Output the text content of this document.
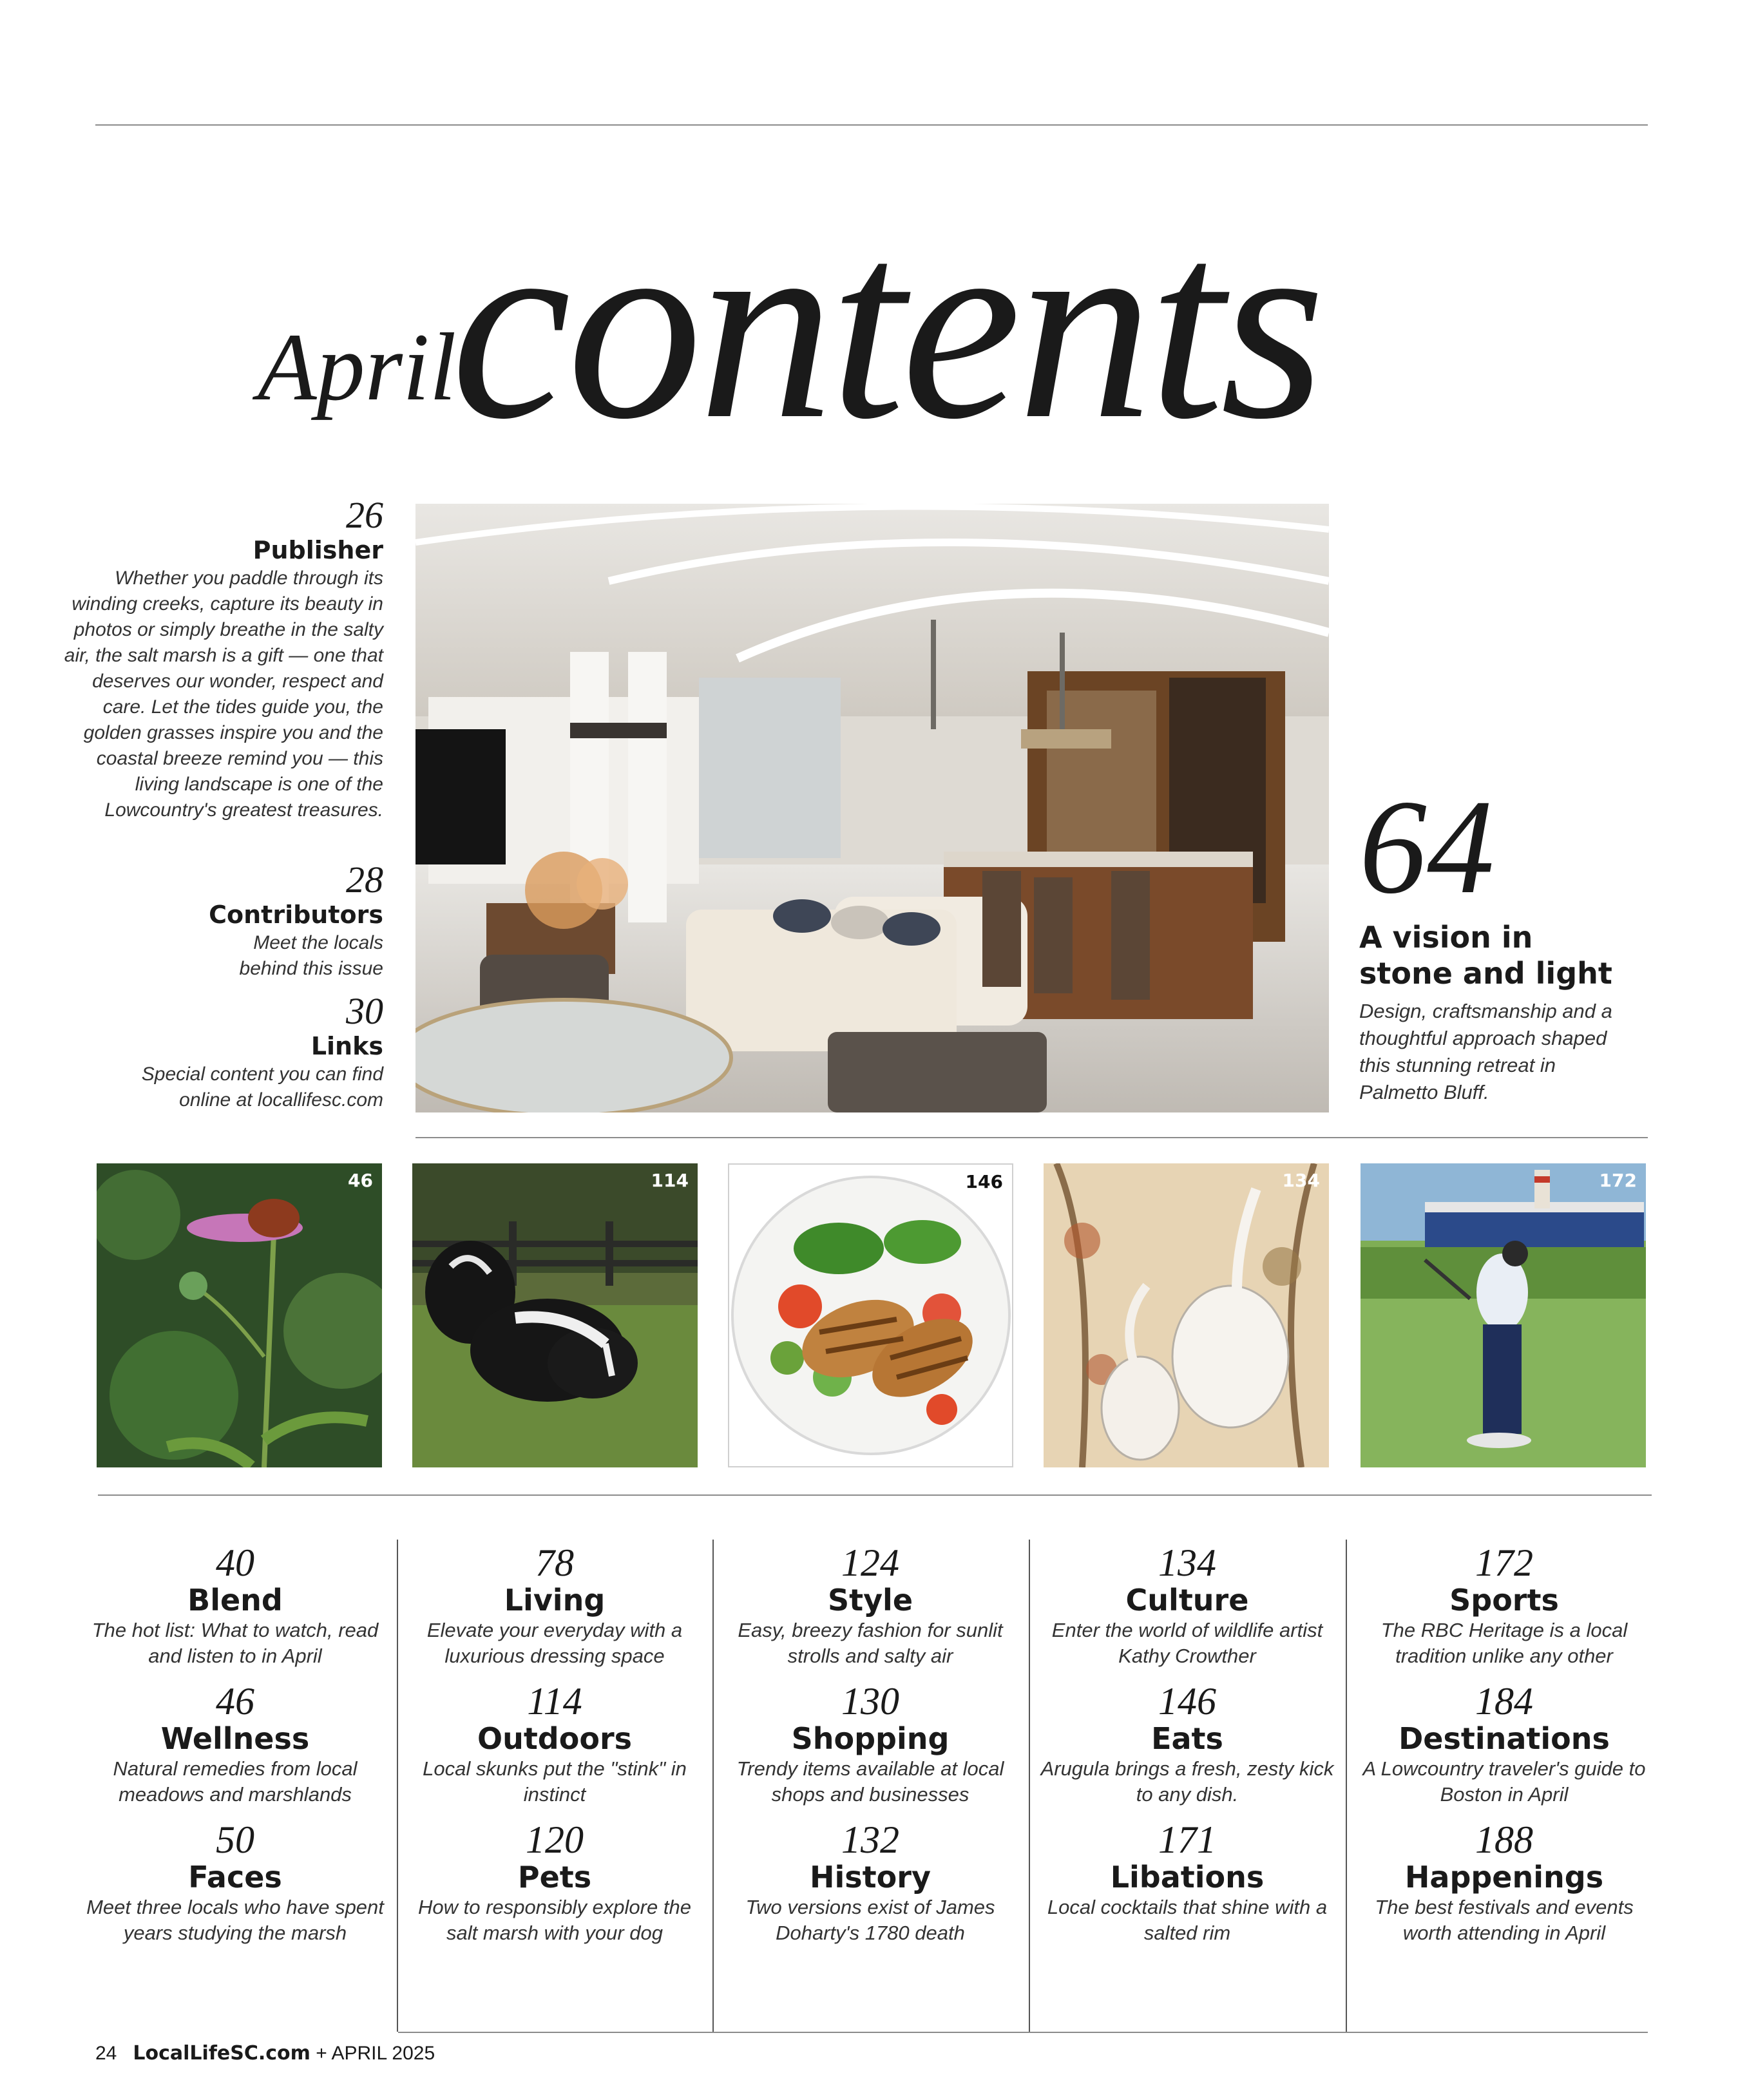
April
contents
26
Publisher
Whether you paddle through its winding creeks, capture its beauty in photos or simply breathe in the salty air, the salt marsh is a gift — one that deserves our wonder, respect and care. Let the tides guide you, the golden grasses inspire you and the coastal breeze remind you — this living landscape is one of the Lowcountry's greatest treasures.
28
Contributors
Meet the locals behind this issue
30
Links
Special content you can find online at locallifesc.com
64
A vision in stone and light
Design, craftsmanship and a thoughtful approach shaped this stunning retreat in Palmetto Bluff.
46	114	146	134	172
40
Blend
The hot list: What to watch, read and listen to in April
46
Wellness
Natural remedies from local meadows and marshlands
50
Faces
Meet three locals who have spent years studying the marsh
78
Living
Elevate your everyday with a luxurious dressing space
114
Outdoors
Local skunks put the "stink" in instinct
120
Pets
How to responsibly explore the salt marsh with your dog
124
Style
Easy, breezy fashion for sunlit strolls and salty air
130
Shopping
Trendy items available at local shops and businesses
132
History
Two versions exist of James Doharty's 1780 death
134
Culture
Enter the world of wildlife artist Kathy Crowther
146
Eats
Arugula brings a fresh, zesty kick to any dish.
171
Libations
Local cocktails that shine with a salted rim
172
Sports
The RBC Heritage is a local tradition unlike any other
184
Destinations
A Lowcountry traveler's guide to Boston in April
188
Happenings
The best festivals and events worth attending in April
24 LocalLifeSC.com + APRIL 2025
